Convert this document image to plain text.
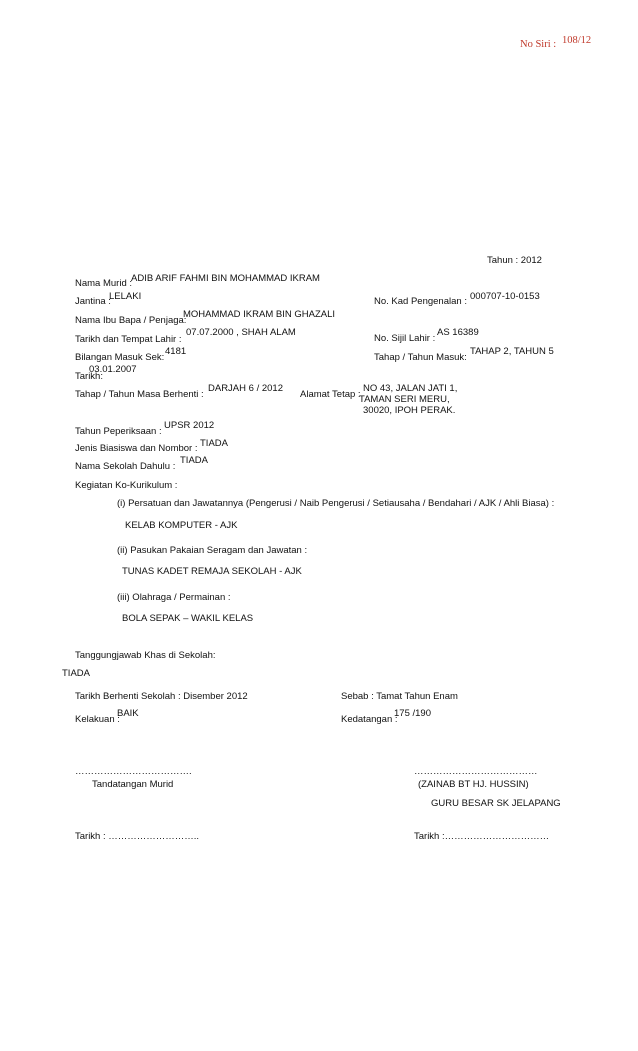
No Siri : 108/12
Tahun : 2012
Nama Murid :
ADIB ARIF FAHMI BIN MOHAMMAD IKRAM
Jantina :
LELAKI	No. Kad Pengenalan : 000707-10-0153
Nama Ibu Bapa / Penjaga:
MOHAMMAD IKRAM BIN GHAZALI
Tarikh dan Tempat Lahir :
07.07.2000 , SHAH ALAM
No. Sijil Lahir :
AS 16389
Bilangan Masuk Sek:
4181
Tahap / Tahun Masuk:
TAHAP 2, TAHUN 5
Tarikh:
03.01.2007
Tahap / Tahun Masa Berhenti :
DARJAH 6 / 2012
Alamat Tetap :
NO 43, JALAN JATI 1,
TAMAN SERI MERU,
30020, IPOH PERAK.
Tahun Peperiksaan :
UPSR 2012
Jenis Biasiswa dan Nombor : TIADA
Nama Sekolah Dahulu :
TIADA
Kegiatan Ko-Kurikulum :
(i) Persatuan dan Jawatannya (Pengerusi / Naib Pengerusi / Setiausaha / Bendahari / AJK / Ahli Biasa) :
KELAB KOMPUTER - AJK
(ii) Pasukan Pakaian Seragam dan Jawatan :
TUNAS KADET REMAJA SEKOLAH - AJK
(iii) Olahraga / Permainan :
BOLA SEPAK – WAKIL KELAS
Tanggungjawab Khas di Sekolah:
TIADA
Tarikh Berhenti Sekolah : Disember 2012	Sebab : Tamat Tahun Enam
Kelakuan :
BAIK
Kedatangan :
175 /190
……………………………….
Tandatangan Murid
…………………………………
(ZAINAB BT HJ. HUSSIN)
GURU BESAR SK JELAPANG
Tarikh : ………………………..	Tarikh :……………………………
